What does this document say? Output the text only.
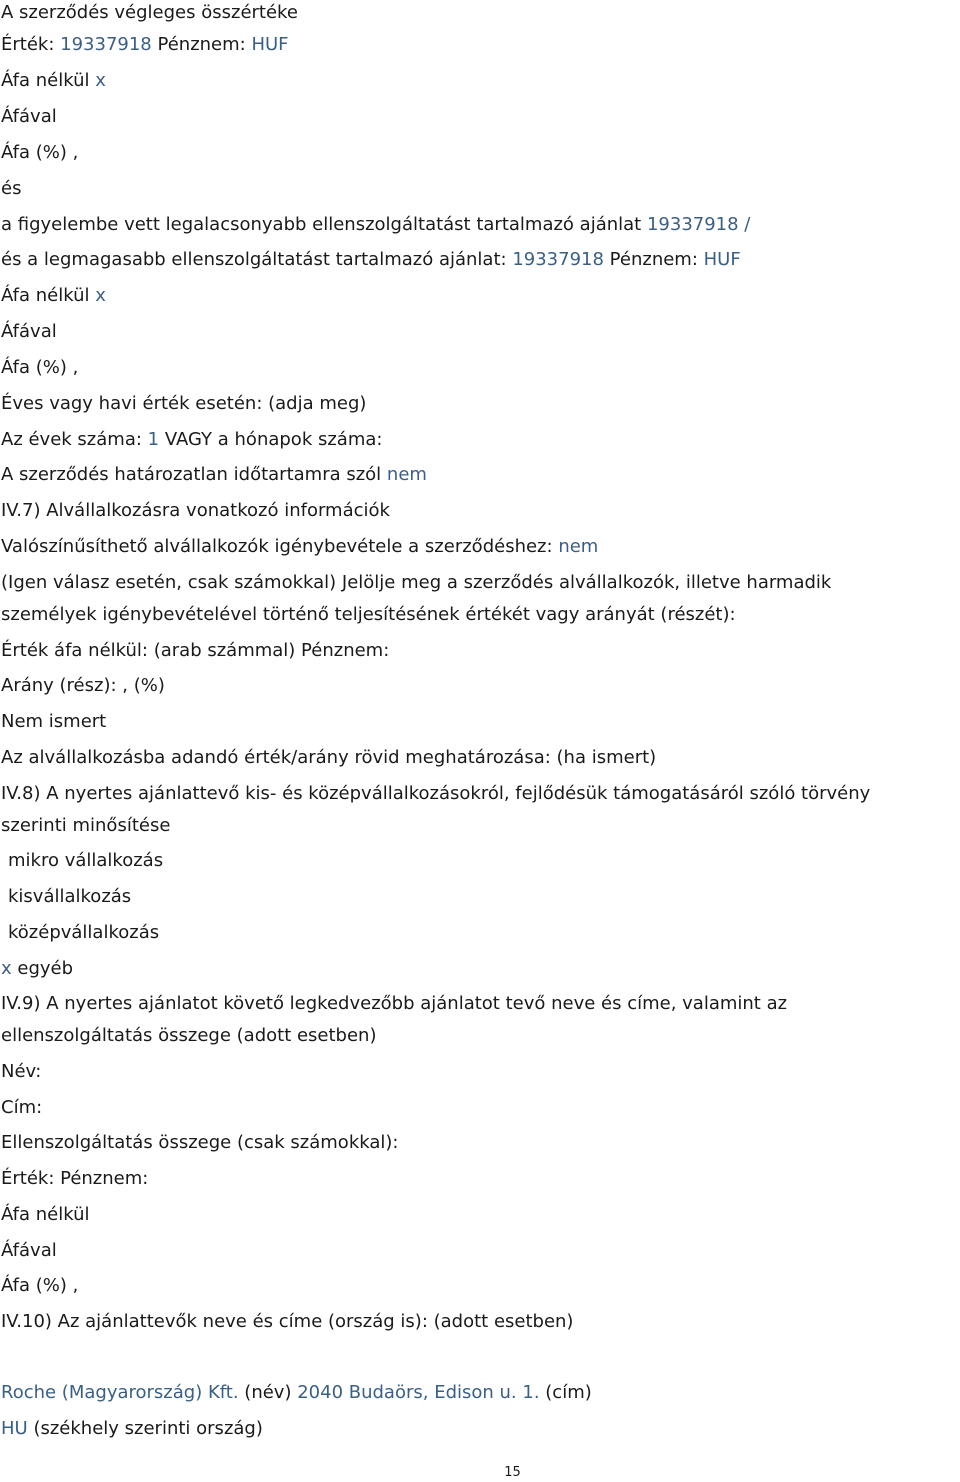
A szerződés végleges összértéke
Érték: 19337918 Pénznem: HUF
Áfa nélkül x
Áfával
Áfa (%) ,
és
a figyelembe vett legalacsonyabb ellenszolgáltatást tartalmazó ajánlat 19337918 /
és a legmagasabb ellenszolgáltatást tartalmazó ajánlat: 19337918 Pénznem: HUF
Áfa nélkül x
Áfával
Áfa (%) ,
Éves vagy havi érték esetén: (adja meg)
Az évek száma: 1 VAGY a hónapok száma:
A szerződés határozatlan időtartamra szól nem
IV.7) Alvállalkozásra vonatkozó információk
Valószínűsíthető alvállalkozók igénybevétele a szerződéshez: nem
(Igen válasz esetén, csak számokkal) Jelölje meg a szerződés alvállalkozók, illetve harmadik
személyek igénybevételével történő teljesítésének értékét vagy arányát (részét):
Érték áfa nélkül: (arab számmal) Pénznem:
Arány (rész): , (%)
Nem ismert
Az alvállalkozásba adandó érték/arány rövid meghatározása: (ha ismert)
IV.8) A nyertes ajánlattevő kis- és középvállalkozásokról, fejlődésük támogatásáról szóló törvény
szerinti minősítése
mikro vállalkozás
kisvállalkozás
középvállalkozás
x egyéb
IV.9) A nyertes ajánlatot követő legkedvezőbb ajánlatot tevő neve és címe, valamint az
ellenszolgáltatás összege (adott esetben)
Név:
Cím:
Ellenszolgáltatás összege (csak számokkal):
Érték: Pénznem:
Áfa nélkül
Áfával
Áfa (%) ,
IV.10) Az ajánlattevők neve és címe (ország is): (adott esetben)
Roche (Magyarország) Kft. (név) 2040 Budaörs, Edison u. 1. (cím)
HU (székhely szerinti ország)
15
